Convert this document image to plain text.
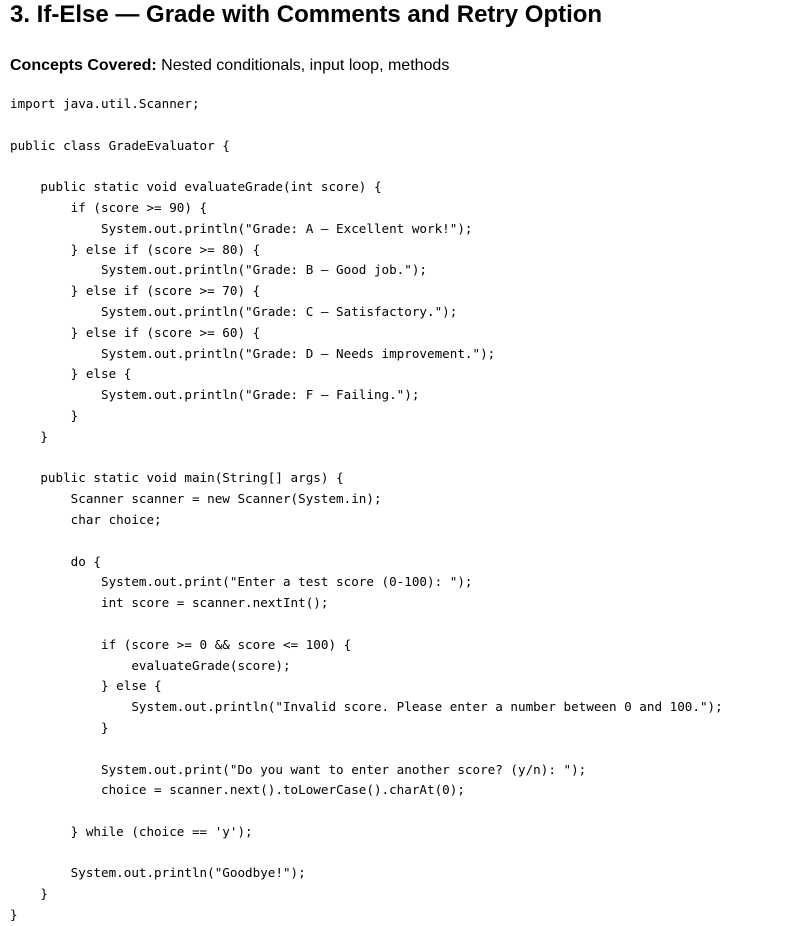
3. If-Else — Grade with Comments and Retry Option
Concepts Covered: Nested conditionals, input loop, methods
import java.util.Scanner;
public class GradeEvaluator {
public static void evaluateGrade(int score) {
if (score >= 90) {
System.out.println("Grade: A — Excellent work!");
} else if (score >= 80) {
System.out.println("Grade: B — Good job.");
} else if (score >= 70) {
System.out.println("Grade: C — Satisfactory.");
} else if (score >= 60) {
System.out.println("Grade: D — Needs improvement.");
} else {
System.out.println("Grade: F — Failing.");
}
}
public static void main(String[] args) {
Scanner scanner = new Scanner(System.in);
char choice;
do {
System.out.print("Enter a test score (0-100): ");
int score = scanner.nextInt();
if (score >= 0 && score <= 100) {
evaluateGrade(score);
} else {
System.out.println("Invalid score. Please enter a number between 0 and 100.");
}
System.out.print("Do you want to enter another score? (y/n): ");
choice = scanner.next().toLowerCase().charAt(0);
} while (choice == 'y');
System.out.println("Goodbye!");
}
}
